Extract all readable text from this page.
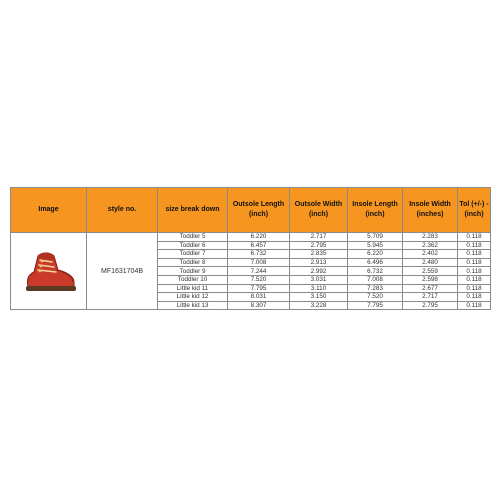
Image	style no.	size break down	Outsole Length (inch)	Outsole Width (inch)	Insole Length (inch)	Insole Width (inches)	Tol (+/-) -(inch)

	MF1631704B	Toddler 5	6.220	2.717	5.709	2.283	0.118
		Toddler 6	6.457	2.795	5.945	2.362	0.118
		Toddler 7	6.732	2.835	6.220	2.402	0.118
		Toddler 8	7.008	2.913	6.496	2.480	0.118
		Toddler 9	7.244	2.992	6.732	2.559	0.118
		Toddler 10	7.520	3.031	7.008	2.598	0.118
		Little kid 11	7.795	3.110	7.283	2.677	0.118
		Little kid 12	8.031	3.150	7.520	2.717	0.118
		Little kid 13	8.307	3.228	7.795	2.795	0.118
